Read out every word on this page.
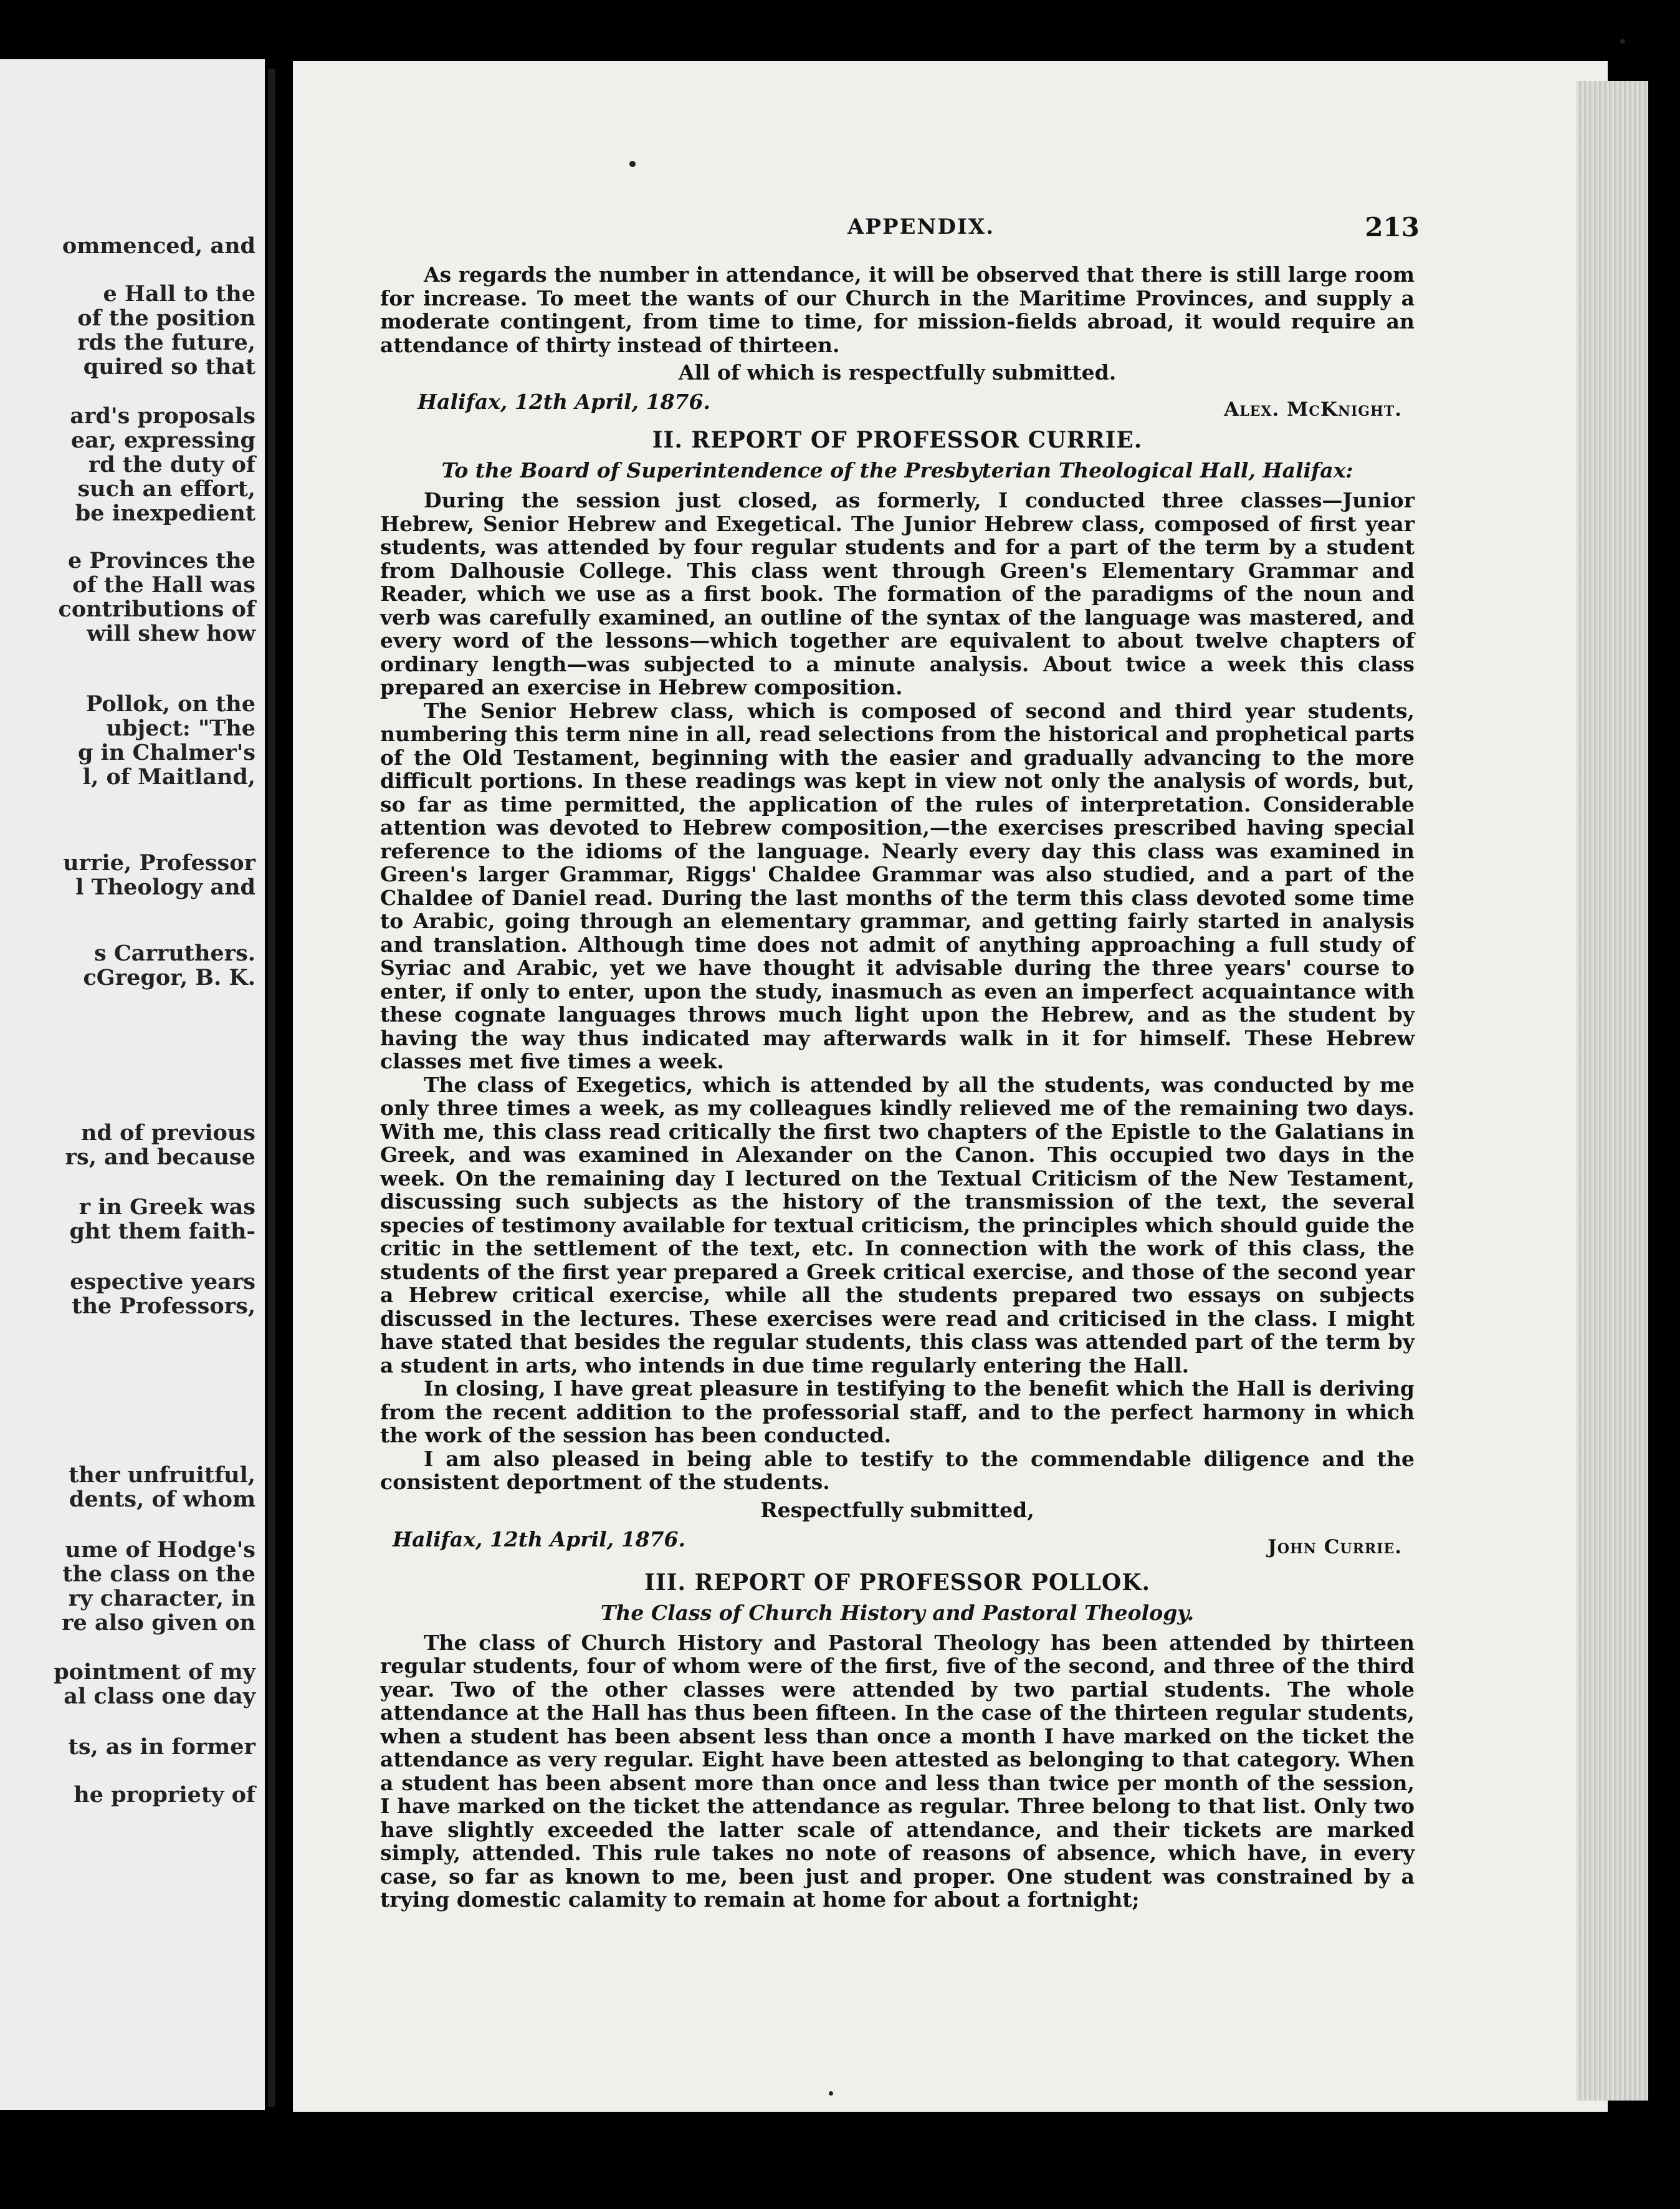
ommenced, and
e Hall to the
of the position
rds the future,
quired so that
ard's proposals
ear, expressing
rd the duty of
such an effort,
be inexpedient
e Provinces the
of the Hall was
contributions of
will shew how
Pollok, on the
ubject: "The
g in Chalmer's
l, of Maitland,
urrie, Professor
l Theology and
s Carruthers.
cGregor, B. K.
nd of previous
rs, and because
r in Greek was
ght them faith-
espective years
the Professors,
ther unfruitful,
dents, of whom
ume of Hodge's
the class on the
ry character, in
re also given on
pointment of my
al class one day
ts, as in former
he propriety of
APPENDIX.	213

As regards the number in attendance, it will be observed that there is still large room for increase. To meet the wants of our Church in the Maritime Provinces, and supply a moderate contingent, from time to time, for mission-fields abroad, it would require an attendance of thirty instead of thirteen.

All of which is respectfully submitted.
Halifax, 12th April, 1876.	Alex. McKnight.
II. REPORT OF PROFESSOR CURRIE.
To the Board of Superintendence of the Presbyterian Theological Hall, Halifax:

During the session just closed, as formerly, I conducted three classes—Junior Hebrew, Senior Hebrew and Exegetical. The Junior Hebrew class, composed of first year students, was attended by four regular students and for a part of the term by a student from Dalhousie College. This class went through Green's Elementary Grammar and Reader, which we use as a first book. The formation of the paradigms of the noun and verb was carefully examined, an outline of the syntax of the language was mastered, and every word of the lessons—which together are equivalent to about twelve chapters of ordinary length—was subjected to a minute analysis. About twice a week this class prepared an exercise in Hebrew composition.

The Senior Hebrew class, which is composed of second and third year students, numbering this term nine in all, read selections from the historical and prophetical parts of the Old Testament, beginning with the easier and gradually advancing to the more difficult portions. In these readings was kept in view not only the analysis of words, but, so far as time permitted, the application of the rules of interpretation. Considerable attention was devoted to Hebrew composition,—the exercises prescribed having special reference to the idioms of the language. Nearly every day this class was examined in Green's larger Grammar, Riggs' Chaldee Grammar was also studied, and a part of the Chaldee of Daniel read. During the last months of the term this class devoted some time to Arabic, going through an elementary grammar, and getting fairly started in analysis and translation. Although time does not admit of anything approaching a full study of Syriac and Arabic, yet we have thought it advisable during the three years' course to enter, if only to enter, upon the study, inasmuch as even an imperfect acquaintance with these cognate languages throws much light upon the Hebrew, and as the student by having the way thus indicated may afterwards walk in it for himself. These Hebrew classes met five times a week.

The class of Exegetics, which is attended by all the students, was conducted by me only three times a week, as my colleagues kindly relieved me of the remaining two days. With me, this class read critically the first two chapters of the Epistle to the Galatians in Greek, and was examined in Alexander on the Canon. This occupied two days in the week. On the remaining day I lectured on the Textual Criticism of the New Testament, discussing such subjects as the history of the transmission of the text, the several species of testimony available for textual criticism, the principles which should guide the critic in the settlement of the text, etc. In connection with the work of this class, the students of the first year prepared a Greek critical exercise, and those of the second year a Hebrew critical exercise, while all the students prepared two essays on subjects discussed in the lectures. These exercises were read and criticised in the class. I might have stated that besides the regular students, this class was attended part of the term by a student in arts, who intends in due time regularly entering the Hall.

In closing, I have great pleasure in testifying to the benefit which the Hall is deriving from the recent addition to the professorial staff, and to the perfect harmony in which the work of the session has been conducted.

I am also pleased in being able to testify to the commendable diligence and the consistent deportment of the students.

Respectfully submitted,
Halifax, 12th April, 1876.	John Currie.
III. REPORT OF PROFESSOR POLLOK.
The Class of Church History and Pastoral Theology.

The class of Church History and Pastoral Theology has been attended by thirteen regular students, four of whom were of the first, five of the second, and three of the third year. Two of the other classes were attended by two partial students. The whole attendance at the Hall has thus been fifteen. In the case of the thirteen regular students, when a student has been absent less than once a month I have marked on the ticket the attendance as very regular. Eight have been attested as belonging to that category. When a student has been absent more than once and less than twice per month of the session, I have marked on the ticket the attendance as regular. Three belong to that list. Only two have slightly exceeded the latter scale of attendance, and their tickets are marked simply, attended. This rule takes no note of reasons of absence, which have, in every case, so far as known to me, been just and proper. One student was constrained by a trying domestic calamity to remain at home for about a fortnight;
